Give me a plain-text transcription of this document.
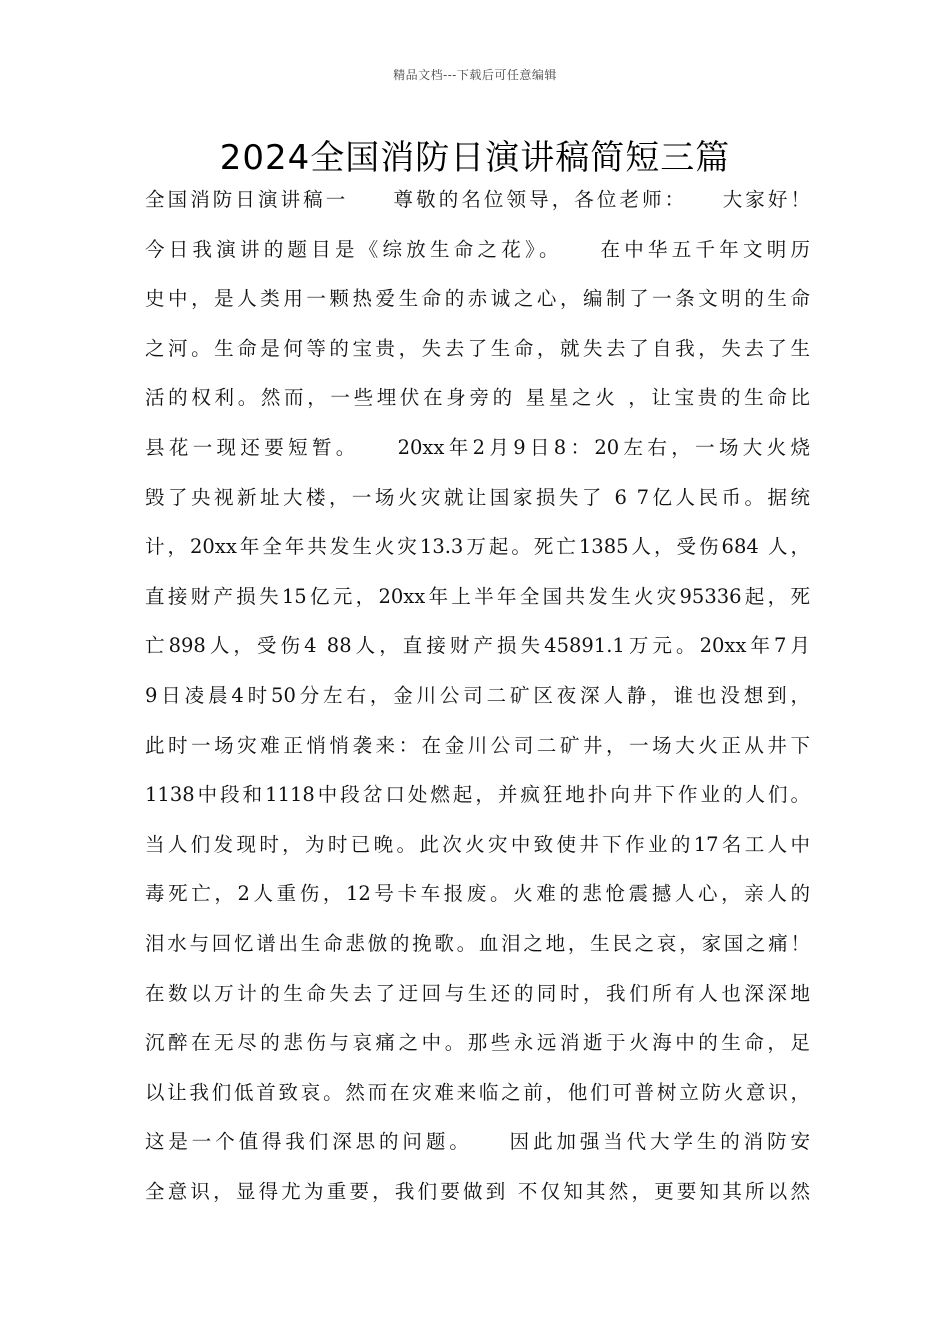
精品文档---下载后可任意编辑
2024全国消防日演讲稿简短三篇
全国消防日演讲稿一　　尊敬的名位领导，各位老师：　　大家好！
今日我演讲的题目是《综放生命之花》。　　在中华五千年文明历
史中，是人类用一颗热爱生命的赤诚之心，编制了一条文明的生命
之河。生命是何等的宝贵，失去了生命，就失去了自我，失去了生
活的权利。然而，一些埋伏在身旁的 星星之火 ，让宝贵的生命比
县花一现还要短暂。　　20xx年2月9日8：20左右，一场大火烧
毁了央视新址大楼，一场火灾就让国家损失了 6 7亿人民币。据统
计，20xx年全年共发生火灾13.3万起。死亡1385人，受伤684 人，
直接财产损失15亿元，20xx年上半年全国共发生火灾95336起，死
亡898人，受伤4 88人，直接财产损失45891.1万元。20xx年7月
9日凌晨4时50分左右，金川公司二矿区夜深人静，谁也没想到，
此时一场灾难正悄悄袭来：在金川公司二矿井，一场大火正从井下
1138中段和1118中段岔口处燃起，并疯狂地扑向井下作业的人们。
当人们发现时，为时已晚。此次火灾中致使井下作业的17名工人中
毒死亡，2人重伤，12号卡车报废。火难的悲怆震撼人心，亲人的
泪水与回忆谱出生命悲倣的挽歌。血泪之地，生民之哀，家国之痛！
在数以万计的生命失去了迂回与生还的同时，我们所有人也深深地
沉醉在无尽的悲伤与哀痛之中。那些永远消逝于火海中的生命，足
以让我们低首致哀。然而在灾难来临之前，他们可普树立防火意识，
这是一个值得我们深思的问题。　　因此加强当代大学生的消防安
全意识，显得尤为重要，我们要做到 不仅知其然，更要知其所以然
